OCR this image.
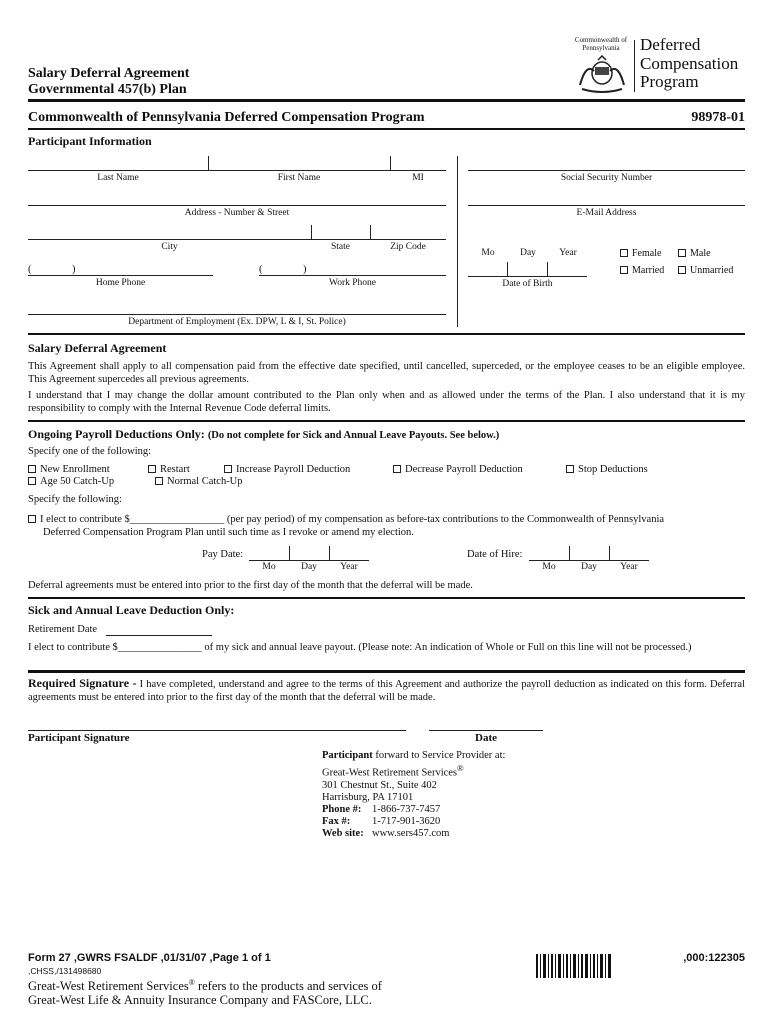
Salary Deferral Agreement
Governmental 457(b) Plan
Commonwealth of
Pennsylvania	Deferred
Compensation
Program
Commonwealth of Pennsylvania Deferred Compensation Program	98978-01
Participant Information
Last Name	First Name	MI	Social Security Number
Address - Number & Street	E-Mail Address
City	State	Zip Code
Mo	Day	Year
Date of Birth
Female	Male
Married	Unmarried
(	)
Home Phone
(	)
Work Phone
Department of Employment (Ex. DPW, L & I, St. Police)
Salary Deferral Agreement
This Agreement shall apply to all compensation paid from the effective date specified, until cancelled, superceded, or the employee ceases to be an eligible employee. This Agreement supercedes all previous agreements.
I understand that I may change the dollar amount contributed to the Plan only when and as allowed under the terms of the Plan. I also understand that it is my responsibility to comply with the Internal Revenue Code deferral limits.
Ongoing Payroll Deductions Only: (Do not complete for Sick and Annual Leave Payouts. See below.)
Specify one of the following:
New Enrollment	Restart	Increase Payroll Deduction	Decrease Payroll Deduction	Stop Deductions
Age 50 Catch-Up	Normal Catch-Up
Specify the following:
I elect to contribute $__________________ (per pay period) of my compensation as before-tax contributions to the Commonwealth of Pennsylvania
Deferred Compensation Program Plan until such time as I revoke or amend my election.
Pay Date:
Mo	Day	Year
Date of Hire:
Mo	Day	Year
Deferral agreements must be entered into prior to the first day of the month that the deferral will be made.
Sick and Annual Leave Deduction Only:
Retirement Date
I elect to contribute $________________ of my sick and annual leave payout. (Please note: An indication of Whole or Full on this line will not be processed.)
Required Signature - I have completed, understand and agree to the terms of this Agreement and authorize the payroll deduction as indicated on this form. Deferral agreements must be entered into prior to the first day of the month that the deferral will be made.
Participant Signature	Date
Participant forward to Service Provider at:
Great-West Retirement Services®
301 Chestnut St., Suite 402
Harrisburg, PA 17101
Phone #: 1-866-737-7457
Fax #: 1-717-901-3620
Web site: www.sers457.com
Form 27 ,GWRS FSALDF ,01/31/07 ,Page 1 of 1
,CHSS,/131498680
,000:122305
Great-West Retirement Services® refers to the products and services of
Great-West Life & Annuity Insurance Company and FASCore, LLC.
